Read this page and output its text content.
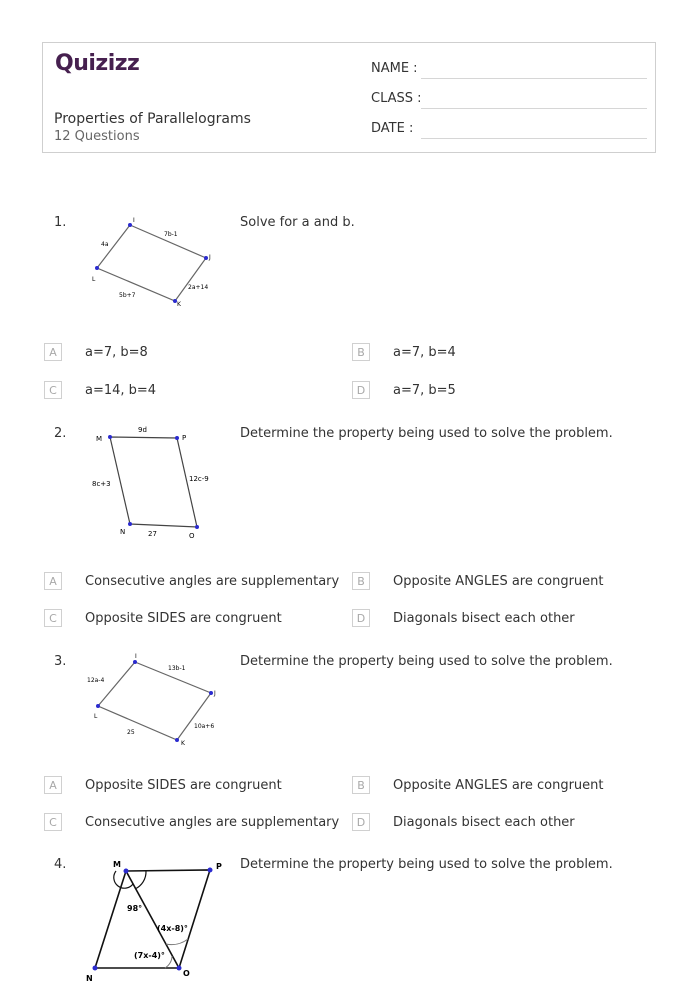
Quizizz
Properties of Parallelograms
12 Questions
NAME :
CLASS :
DATE :
1.	Solve for a and b.
I
J
K
L
4a
7b-1
5b+7
2a+14
A	a=7, b=8	B	a=7, b=4
C	a=14, b=4	D	a=7, b=5
2.	Determine the property being used to solve the problem.
M	P
N	O
9d
8c+3
12c-9
27
A	Consecutive angles are supplementary	B	Opposite ANGLES are congruent
C	Opposite SIDES are congruent	D	Diagonals bisect each other
3.	Determine the property being used to solve the problem.
I
J
K
L
12a-4
13b-1
25
10a+6
A	Opposite SIDES are congruent	B	Opposite ANGLES are congruent
C	Consecutive angles are supplementary	D	Diagonals bisect each other
4.	Determine the property being used to solve the problem.
M	P
N
O
98°
(4x-8)°
(7x-4)°
